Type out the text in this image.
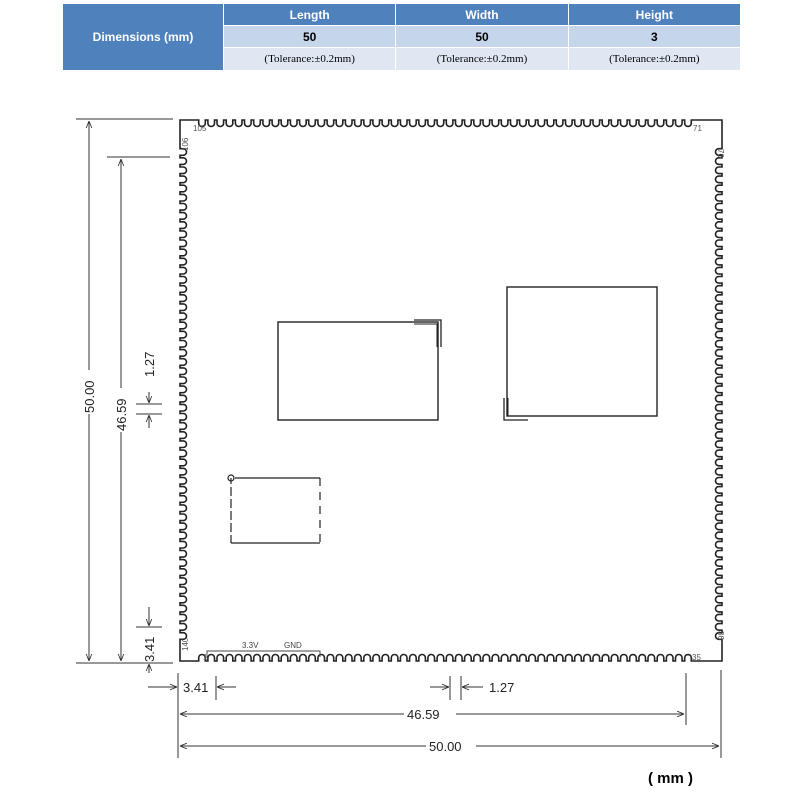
Dimensions (mm)	Length	Width	Height
	50	50	3
	(Tolerance:±0.2mm)	(Tolerance:±0.2mm)	(Tolerance:±0.2mm)
105	71
106
70
140
36
1	35
3.3V	GND
50.00
46.59
1.27
3.41
3.41	1.27
46.59
50.00
( mm )
